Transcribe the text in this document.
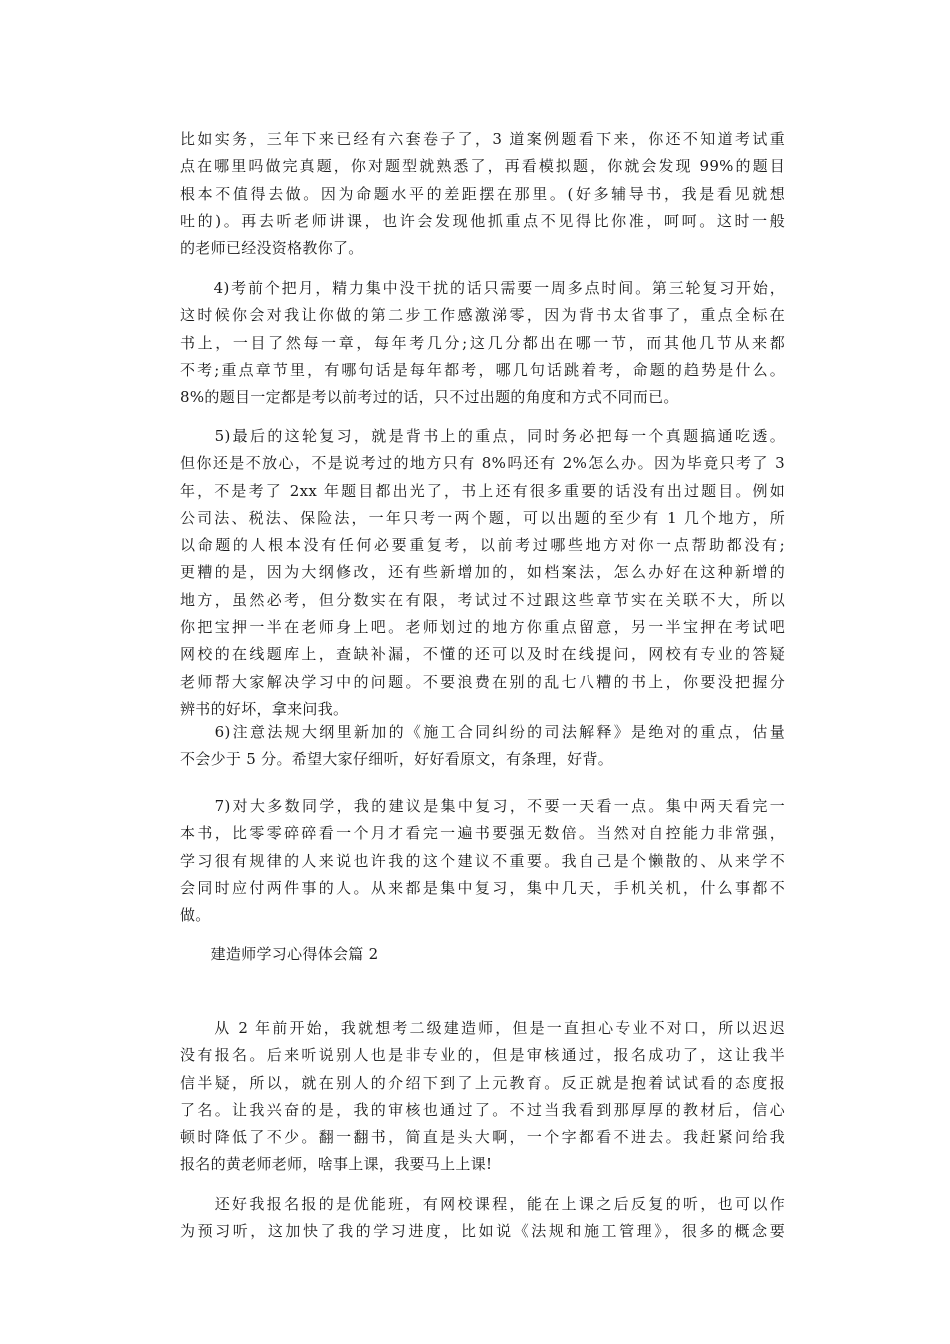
比如实务，三年下来已经有六套卷子了，3 道案例题看下来，你还不知道考试重
点在哪里吗做完真题，你对题型就熟悉了，再看模拟题，你就会发现 99%的题目
根本不值得去做。因为命题水平的差距摆在那里。(好多辅导书，我是看见就想
吐的)。再去听老师讲课，也许会发现他抓重点不见得比你准，呵呵。这时一般
的老师已经没资格教你了。
　　4)考前个把月，精力集中没干扰的话只需要一周多点时间。第三轮复习开始，
这时候你会对我让你做的第二步工作感激涕零，因为背书太省事了，重点全标在
书上，一目了然每一章，每年考几分;这几分都出在哪一节，而其他几节从来都
不考;重点章节里，有哪句话是每年都考，哪几句话跳着考，命题的趋势是什么。
8%的题目一定都是考以前考过的话，只不过出题的角度和方式不同而已。
　　5)最后的这轮复习，就是背书上的重点，同时务必把每一个真题搞通吃透。
但你还是不放心，不是说考过的地方只有 8%吗还有 2%怎么办。因为毕竟只考了 3
年，不是考了 2xx 年题目都出光了，书上还有很多重要的话没有出过题目。例如
公司法、税法、保险法，一年只考一两个题，可以出题的至少有 1 几个地方，所
以命题的人根本没有任何必要重复考，以前考过哪些地方对你一点帮助都没有;
更糟的是，因为大纲修改，还有些新增加的，如档案法，怎么办好在这种新增的
地方，虽然必考，但分数实在有限，考试过不过跟这些章节实在关联不大，所以
你把宝押一半在老师身上吧。老师划过的地方你重点留意，另一半宝押在考试吧
网校的在线题库上，查缺补漏，不懂的还可以及时在线提问，网校有专业的答疑
老师帮大家解决学习中的问题。不要浪费在别的乱七八糟的书上，你要没把握分
辨书的好坏，拿来问我。
　　6)注意法规大纲里新加的《施工合同纠纷的司法解释》是绝对的重点，估量
不会少于 5 分。希望大家仔细听，好好看原文，有条理，好背。
　　7)对大多数同学，我的建议是集中复习，不要一天看一点。集中两天看完一
本书，比零零碎碎看一个月才看完一遍书要强无数倍。当然对自控能力非常强，
学习很有规律的人来说也许我的这个建议不重要。我自己是个懒散的、从来学不
会同时应付两件事的人。从来都是集中复习，集中几天，手机关机，什么事都不
做。
　　建造师学习心得体会篇 2
　　从 2 年前开始，我就想考二级建造师，但是一直担心专业不对口，所以迟迟
没有报名。后来听说别人也是非专业的，但是审核通过，报名成功了，这让我半
信半疑，所以，就在别人的介绍下到了上元教育。反正就是抱着试试看的态度报
了名。让我兴奋的是，我的审核也通过了。不过当我看到那厚厚的教材后，信心
顿时降低了不少。翻一翻书，简直是头大啊，一个字都看不进去。我赶紧问给我
报名的黄老师老师，啥事上课，我要马上上课!
　　还好我报名报的是优能班，有网校课程，能在上课之后反复的听，也可以作
为预习听，这加快了我的学习进度，比如说《法规和施工管理》，很多的概念要
